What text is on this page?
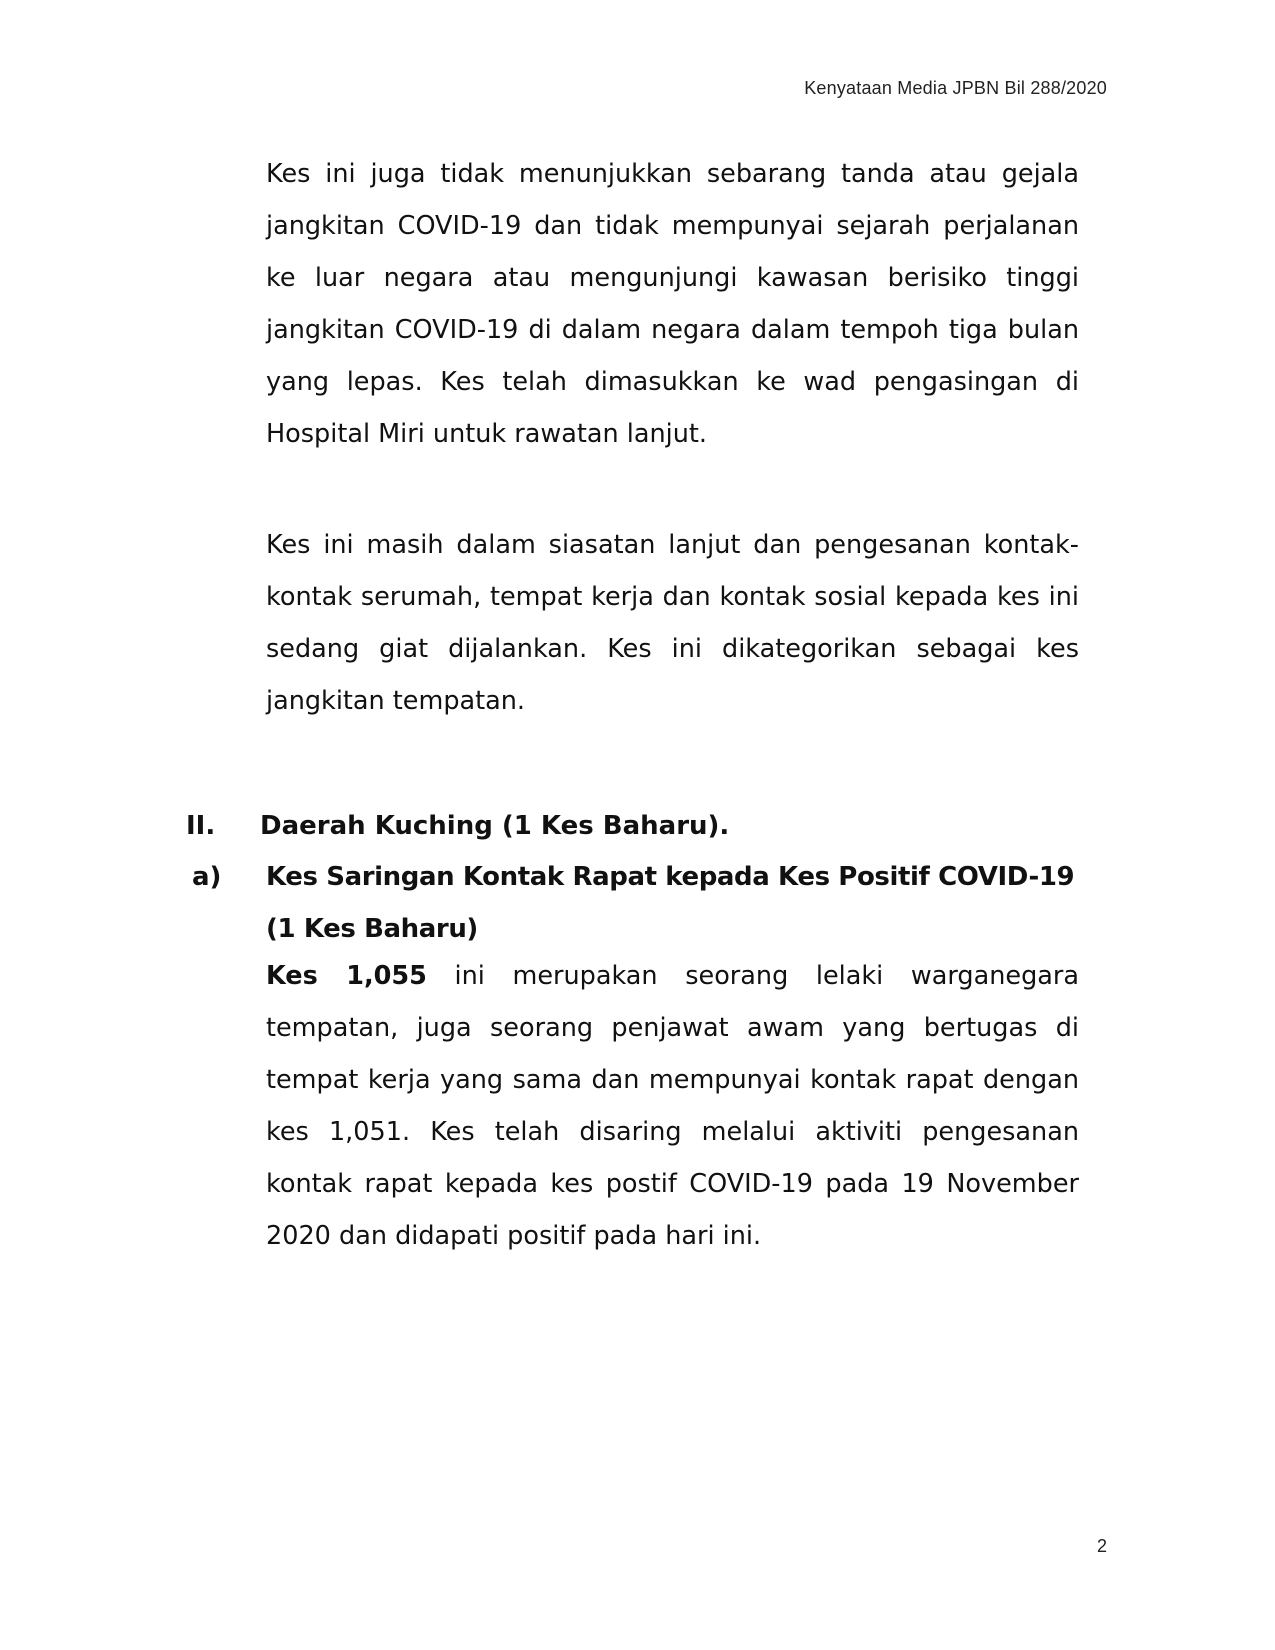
Kenyataan Media JPBN Bil 288/2020

Kes ini juga tidak menunjukkan sebarang tanda atau gejala jangkitan COVID-19 dan tidak mempunyai sejarah perjalanan ke luar negara atau mengunjungi kawasan berisiko tinggi jangkitan COVID-19 di dalam negara dalam tempoh tiga bulan yang lepas. Kes telah dimasukkan ke wad pengasingan di Hospital Miri untuk rawatan lanjut.

Kes ini masih dalam siasatan lanjut dan pengesanan kontak-kontak serumah, tempat kerja dan kontak sosial kepada kes ini sedang giat dijalankan. Kes ini dikategorikan sebagai kes jangkitan tempatan.

II. Daerah Kuching (1 Kes Baharu).
a) Kes Saringan Kontak Rapat kepada Kes Positif COVID-19 (1 Kes Baharu)

Kes 1,055 ini merupakan seorang lelaki warganegara tempatan, juga seorang penjawat awam yang bertugas di tempat kerja yang sama dan mempunyai kontak rapat dengan kes 1,051. Kes telah disaring melalui aktiviti pengesanan kontak rapat kepada kes postif COVID-19 pada 19 November 2020 dan didapati positif pada hari ini.

2
